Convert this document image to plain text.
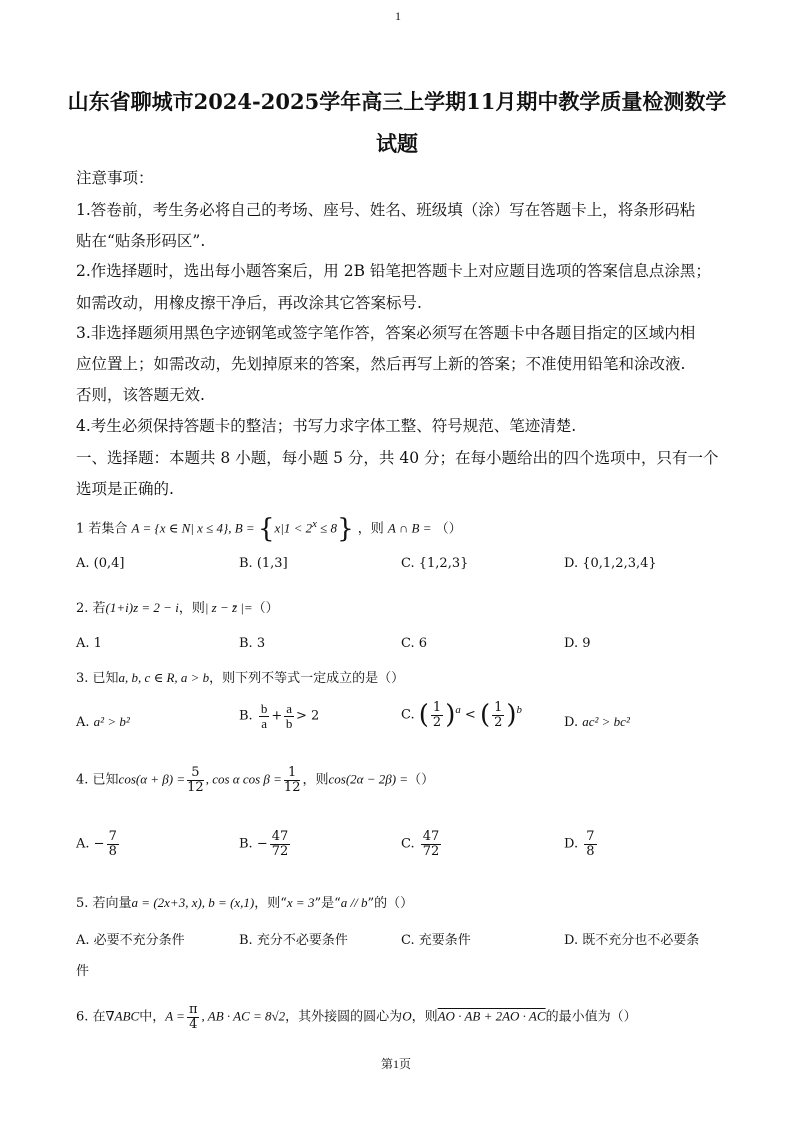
1
山东省聊城市2024-2025学年高三上学期11月期中教学质量检测数学
试题
注意事项：
1.答卷前，考生务必将自己的考场、座号、姓名、班级填（涂）写在答题卡上，将条形码粘
贴在“贴条形码区”.
2.作选择题时，选出每小题答案后，用 2B 铅笔把答题卡上对应题目选项的答案信息点涂黑；
如需改动，用橡皮擦干净后，再改涂其它答案标号.
3.非选择题须用黑色字迹钢笔或签字笔作答，答案必须写在答题卡中各题目指定的区域内相
应位置上；如需改动，先划掉原来的答案，然后再写上新的答案；不准使用铅笔和涂改液.
否则，该答题无效.
4.考生必须保持答题卡的整洁；书写力求字体工整、符号规范、笔迹清楚.
一、选择题：本题共 8 小题，每小题 5 分，共 40 分；在每小题给出的四个选项中，只有一个
选项是正确的.
1 若集合 A = {x ∈ N| x ≤ 4}, $B = \{x|1 < 2^x \le 8\}$ ，则 A ∩ B = （）
A. (0,4]	B. (1,3]	C. {1,2,3}	D. {0,1,2,3,4}
2. 若(1+i)z = 2 − i，则| z − z̄ |=（）
A. 1	B. 3	C. 6	D. 9
3. 已知a, b, c ∈ R, a > b，则下列不等式一定成立的是（）
A. a² > b²	B. $\frac{b}{a} + \frac{a}{b} > 2$	C. ( $\frac{1}{2} )^a$ < ( $\frac{1}{2} )^b$
D. ac² > bc²
4. 已知$\cos(\alpha + \beta) = \frac{5}{12}$ , cos α $\cos \beta = \frac{1}{12}$ ，则cos(2α − 2β) =（）
A. − $\frac{7}{8}$	B. − $\frac{47}{72}$	C. $\frac{47}{72}$	D. $\frac{7}{8}$
5. 若向量a = (2x+3, x), b = (x,1)，则“x = 3”是“a // b”的（）
A. 必要不充分条件	B. 充分不必要条件	C. 充要条件	D. 既不充分也不必要条
件
6. 在∇ABC中，$A = \frac{\pi}{4}$ , AB · AC = 8√2，其外接圆的圆心为O，则AO · AB + 2AO · AC的最小值为（）
第1页
